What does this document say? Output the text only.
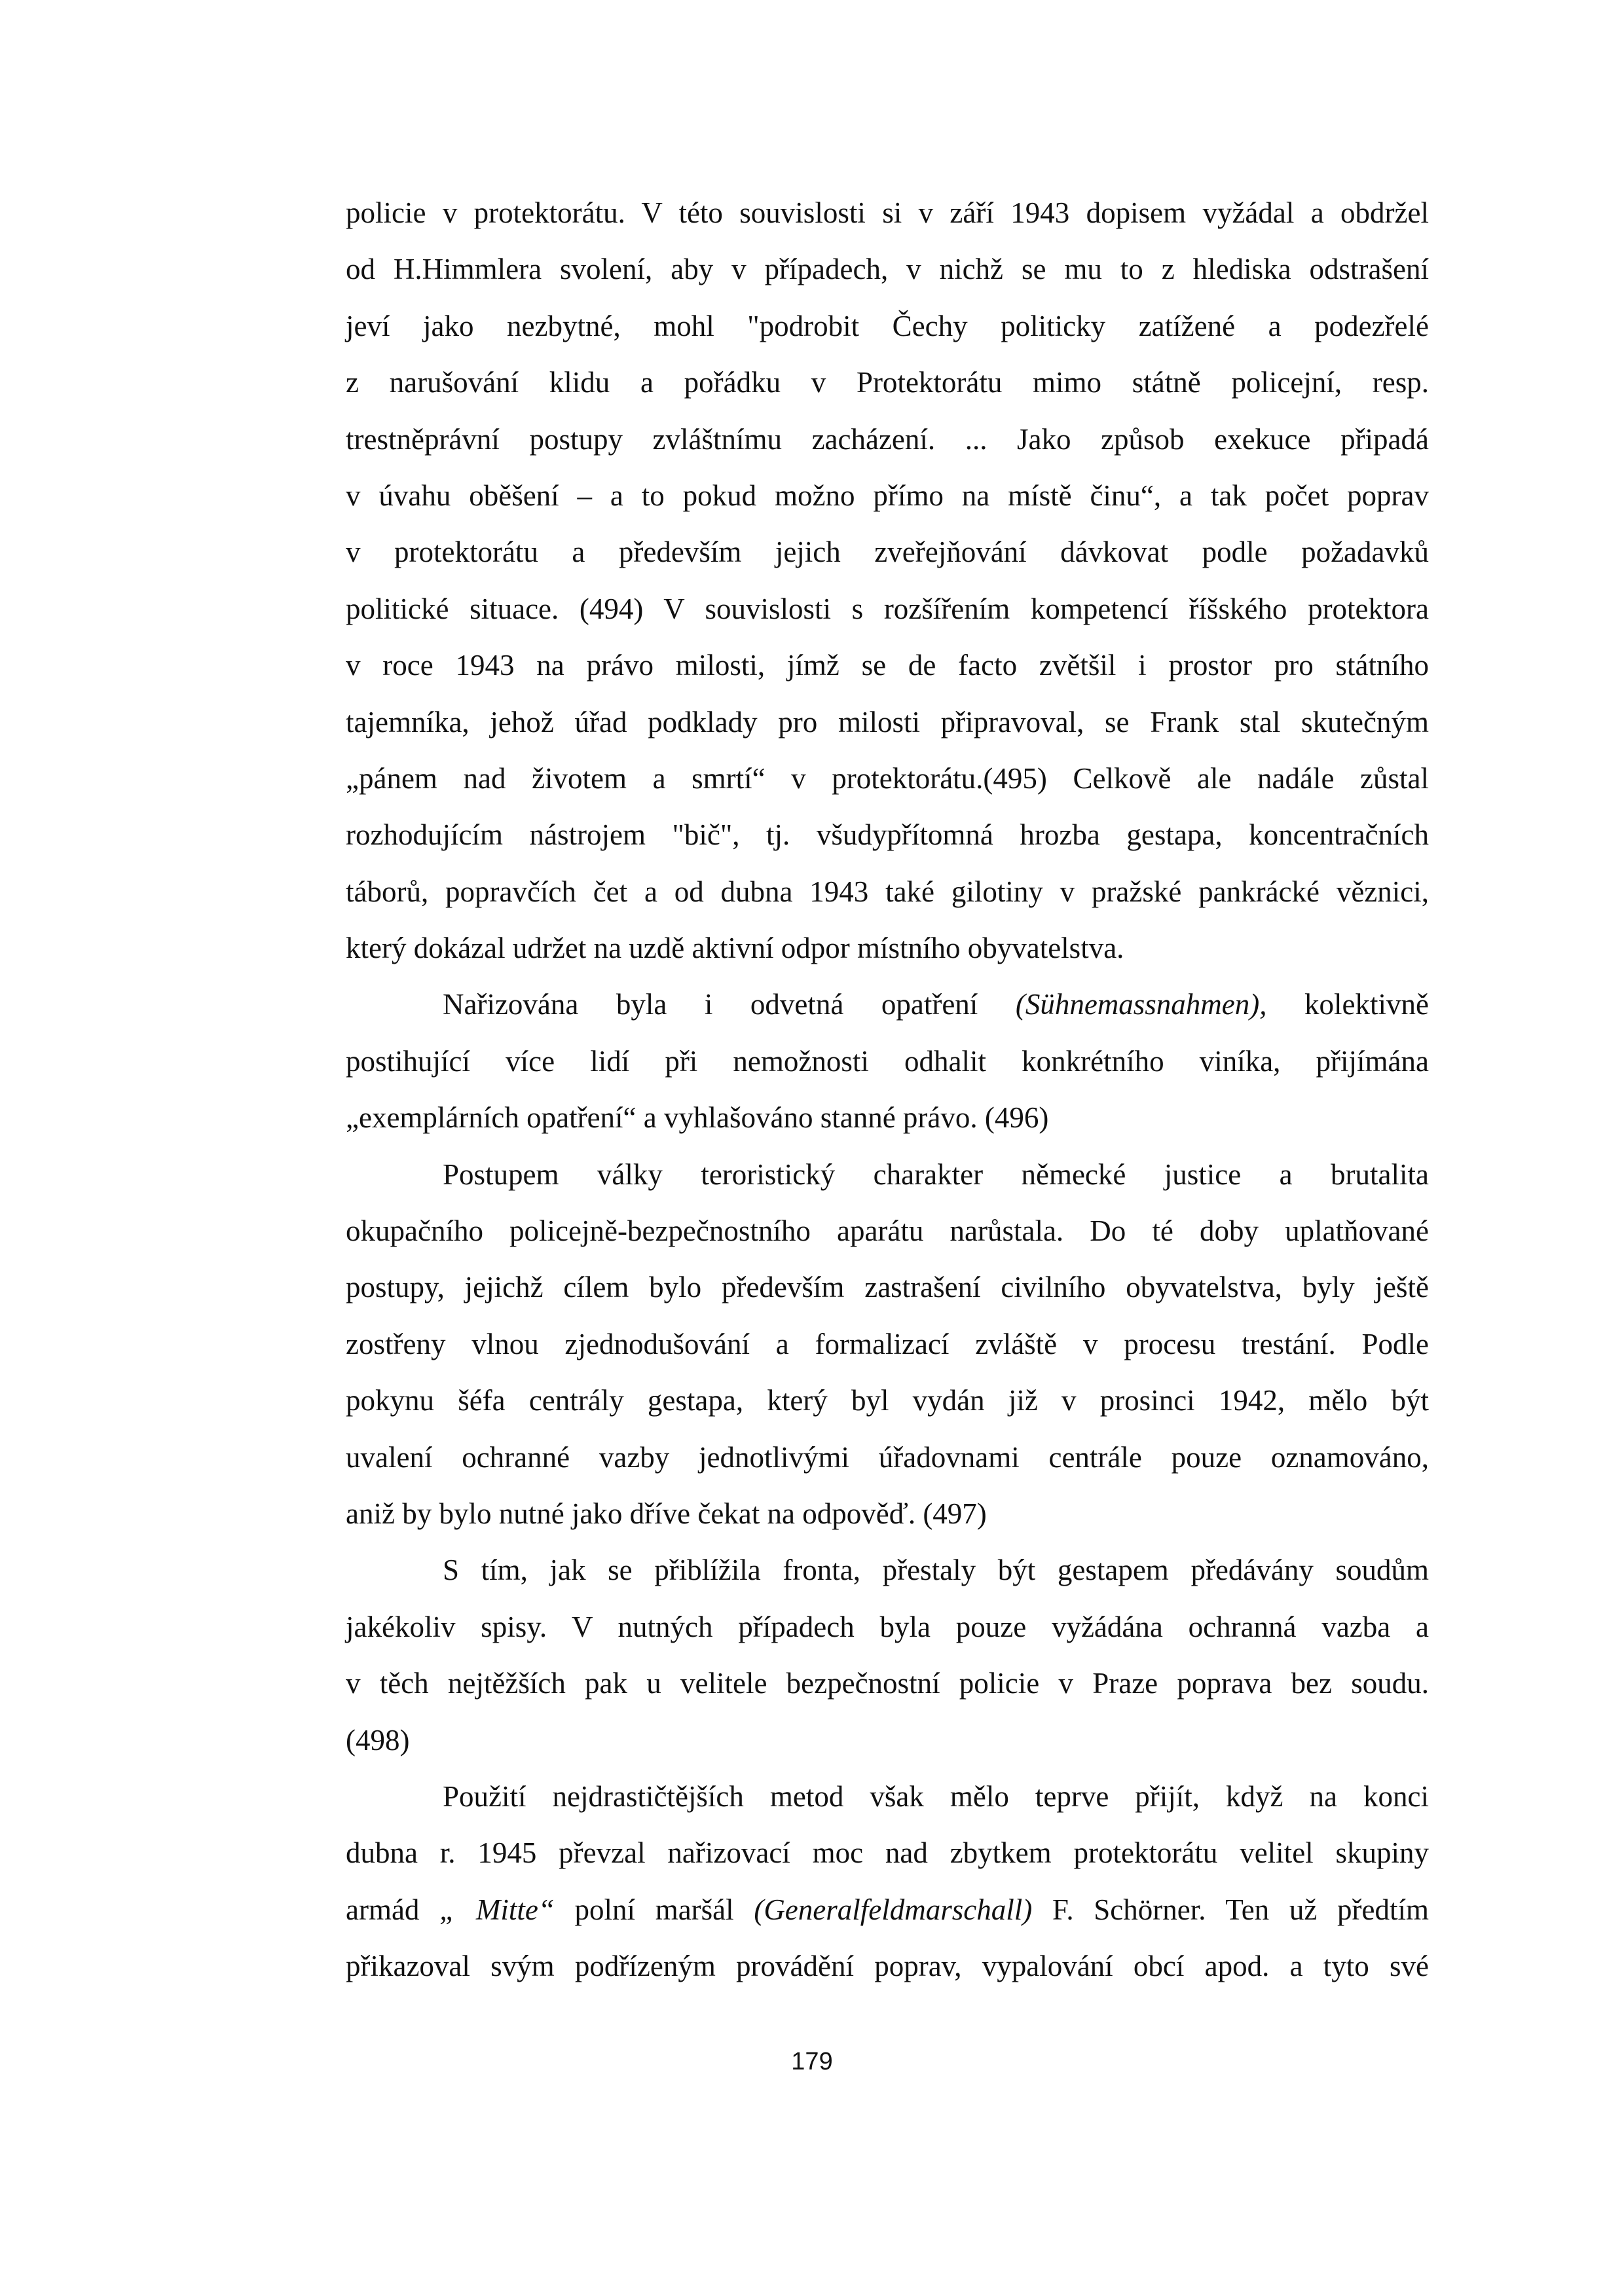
policie v protektorátu. V této souvislosti si v září 1943 dopisem vyžádal a obdržel
od H.Himmlera svolení, aby v případech, v nichž se mu to z hlediska odstrašení
jeví jako nezbytné, mohl "podrobit Čechy politicky zatížené a podezřelé
z narušování klidu a pořádku v Protektorátu mimo státně policejní, resp.
trestněprávní postupy zvláštnímu zacházení. ... Jako způsob exekuce připadá
v úvahu oběšení – a to pokud možno přímo na místě činu“, a tak počet poprav
v protektorátu a především jejich zveřejňování dávkovat podle požadavků
politické situace. (494) V souvislosti s rozšířením kompetencí říšského protektora
v roce 1943 na právo milosti, jímž se de facto zvětšil i prostor pro státního
tajemníka, jehož úřad podklady pro milosti připravoval, se Frank stal skutečným
„pánem nad životem a smrtí“ v protektorátu.(495) Celkově ale nadále zůstal
rozhodujícím nástrojem "bič", tj. všudypřítomná hrozba gestapa, koncentračních
táborů, popravčích čet a od dubna 1943 také gilotiny v pražské pankrácké věznici,
který dokázal udržet na uzdě aktivní odpor místního obyvatelstva.
Nařizována byla i odvetná opatření (Sühnemassnahmen), kolektivně
postihující více lidí při nemožnosti odhalit konkrétního viníka, přijímána
„exemplárních opatření“ a vyhlašováno stanné právo. (496)
Postupem války teroristický charakter německé justice a brutalita
okupačního policejně-bezpečnostního aparátu narůstala. Do té doby uplatňované
postupy, jejichž cílem bylo především zastrašení civilního obyvatelstva, byly ještě
zostřeny vlnou zjednodušování a formalizací zvláště v procesu trestání. Podle
pokynu šéfa centrály gestapa, který byl vydán již v prosinci 1942, mělo být
uvalení ochranné vazby jednotlivými úřadovnami centrále pouze oznamováno,
aniž by bylo nutné jako dříve čekat na odpověď. (497)
S tím, jak se přiblížila fronta, přestaly být gestapem předávány soudům
jakékoliv spisy. V nutných případech byla pouze vyžádána ochranná vazba a
v těch nejtěžších pak u velitele bezpečnostní policie v Praze poprava bez soudu.
(498)
Použití nejdrastičtějších metod však mělo teprve přijít, když na konci
dubna r. 1945 převzal nařizovací moc nad zbytkem protektorátu velitel skupiny
armád „ Mitte“ polní maršál (Generalfeldmarschall) F. Schörner. Ten už předtím
přikazoval svým podřízeným provádění poprav, vypalování obcí apod. a tyto své
179
